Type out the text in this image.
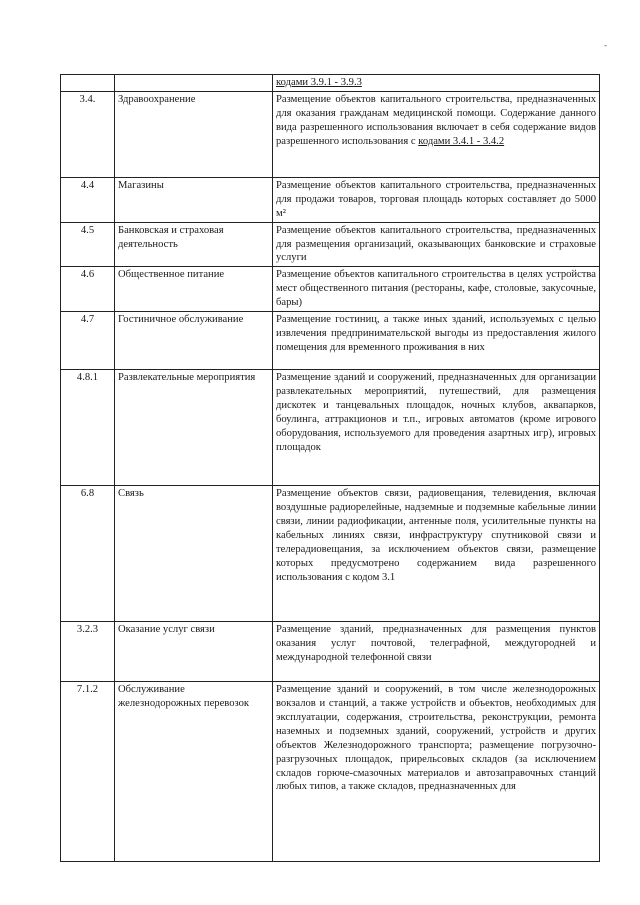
-
		кодами 3.9.1 - 3.9.3
3.4.	Здравоохранение	Размещение объектов капитального строительства, предназначенных для оказания гражданам медицинской помощи. Содержание данного вида разрешенного использования включает в себя содержание видов разрешенного использования с кодами 3.4.1 - 3.4.2
4.4	Магазины	Размещение объектов капитального строительства, предназначенных для продажи товаров, торговая площадь которых составляет до 5000 м²
4.5	Банковская и страховая деятельность	Размещение объектов капитального строительства, предназначенных для размещения организаций, оказывающих банковские и страховые услуги
4.6	Общественное питание	Размещение объектов капитального строительства в целях устройства мест общественного питания (рестораны, кафе, столовые, закусочные, бары)
4.7	Гостиничное обслуживание	Размещение гостиниц, а также иных зданий, используемых с целью извлечения предпринимательской выгоды из предоставления жилого помещения для временного проживания в них
4.8.1	Развлекательные мероприятия	Размещение зданий и сооружений, предназначенных для организации развлекательных мероприятий, путешествий, для размещения дискотек и танцевальных площадок, ночных клубов, аквапарков, боулинга, аттракционов и т.п., игровых автоматов (кроме игрового оборудования, используемого для проведения азартных игр), игровых площадок
6.8	Связь	Размещение объектов связи, радиовещания, телевидения, включая воздушные радиорелейные, надземные и подземные кабельные линии связи, линии радиофикации, антенные поля, усилительные пункты на кабельных линиях связи, инфраструктуру спутниковой связи и телерадиовещания, за исключением объектов связи, размещение которых предусмотрено содержанием вида разрешенного использования с кодом 3.1
3.2.3	Оказание услуг связи	Размещение зданий, предназначенных для размещения пунктов оказания услуг почтовой, телеграфной, междугородней и международной телефонной связи
7.1.2	Обслуживание железнодорожных перевозок	Размещение зданий и сооружений, в том числе железнодорожных вокзалов и станций, а также устройств и объектов, необходимых для эксплуатации, содержания, строительства, реконструкции, ремонта наземных и подземных зданий, сооружений, устройств и других объектов Железнодорожного транспорта; размещение погрузочно-разгрузочных площадок, прирельсовых складов (за исключением складов горюче-смазочных материалов и автозаправочных станций любых типов, а также складов, предназначенных для
